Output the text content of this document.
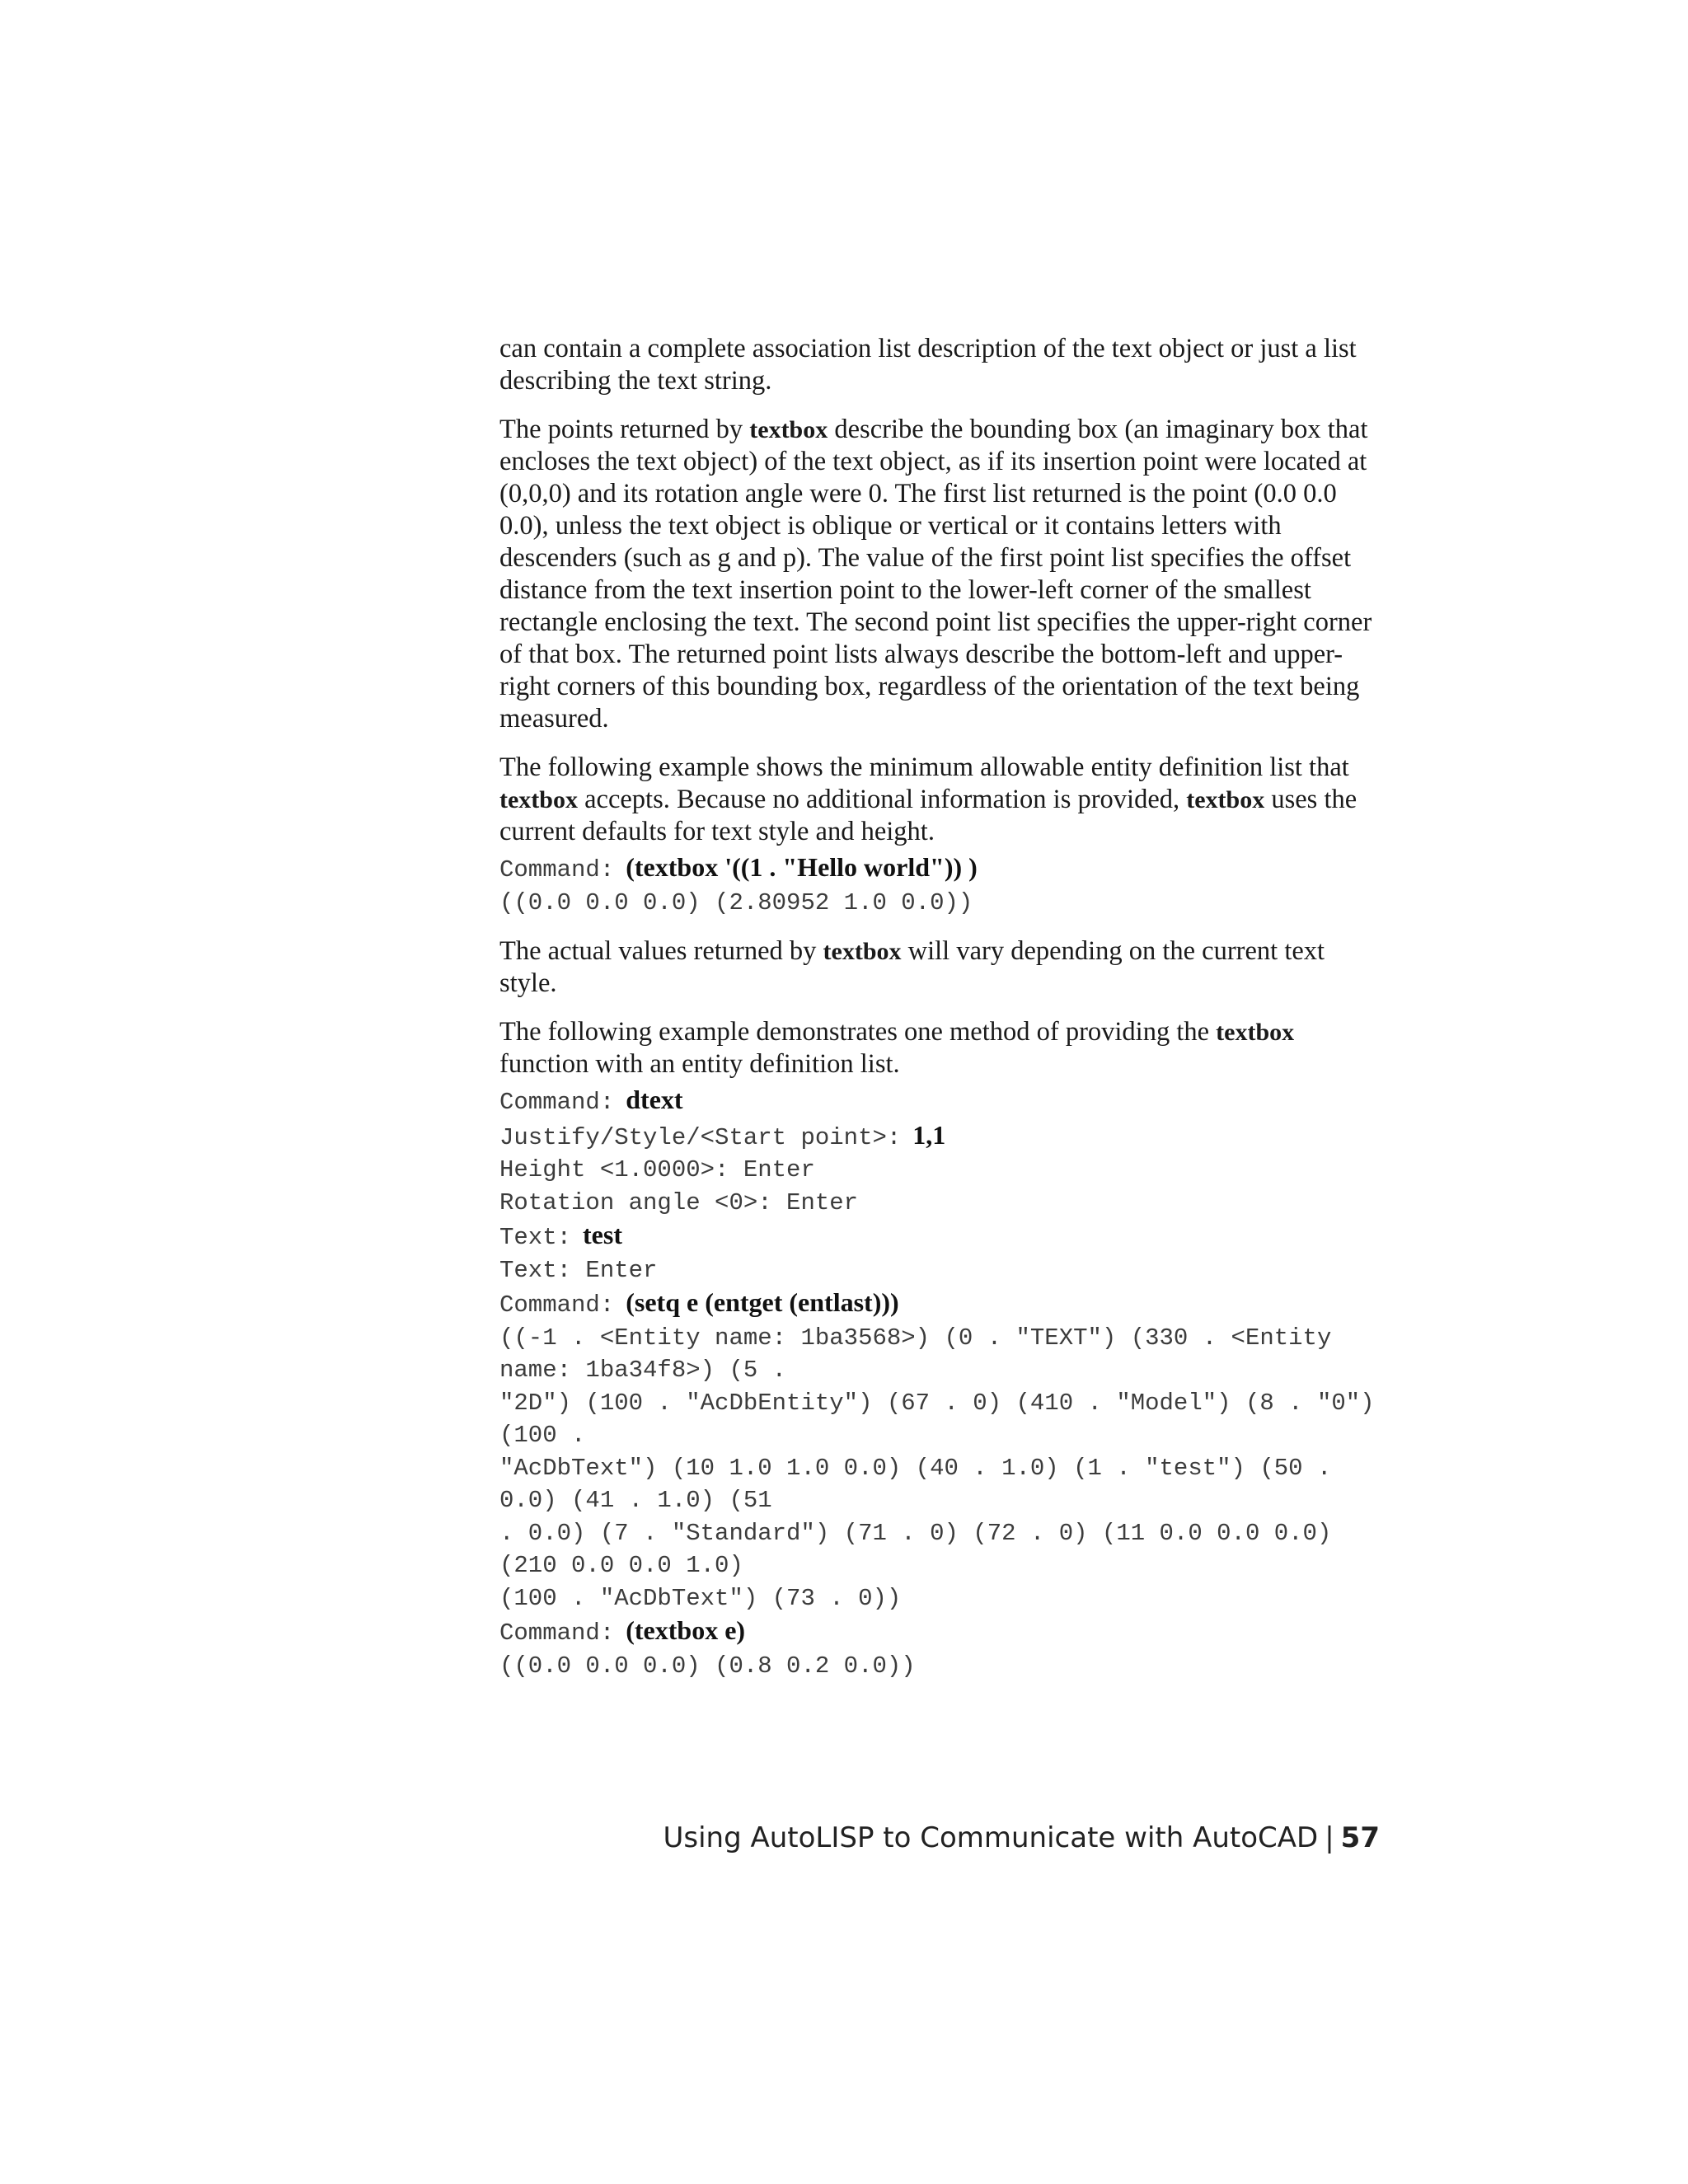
can contain a complete association list description of the text object or just a list describing the text string.

The points returned by textbox describe the bounding box (an imaginary box that encloses the text object) of the text object, as if its insertion point were located at (0,0,0) and its rotation angle were 0. The first list returned is the point (0.0 0.0 0.0), unless the text object is oblique or vertical or it contains letters with descenders (such as g and p). The value of the first point list specifies the offset distance from the text insertion point to the lower-left corner of the smallest rectangle enclosing the text. The second point list specifies the upper-right corner of that box. The returned point lists always describe the bottom-left and upper-right corners of this bounding box, regardless of the orientation of the text being measured.

The following example shows the minimum allowable entity definition list that textbox accepts. Because no additional information is provided, textbox uses the current defaults for text style and height.

Command: (textbox '((1 . "Hello world")) )
((0.0 0.0 0.0) (2.80952 1.0 0.0))

The actual values returned by textbox will vary depending on the current text style.

The following example demonstrates one method of providing the textbox function with an entity definition list.

Command: dtext
Justify/Style/<Start point>: 1,1
Height <1.0000>: Enter
Rotation angle <0>: Enter
Text: test
Text: Enter
Command: (setq e (entget (entlast)))
((-1 . <Entity name: 1ba3568>) (0 . "TEXT") (330 . <Entity
name: 1ba34f8>) (5 .
"2D") (100 . "AcDbEntity") (67 . 0) (410 . "Model") (8 . "0")
(100 .
"AcDbText") (10 1.0 1.0 0.0) (40 . 1.0) (1 . "test") (50 .
0.0) (41 . 1.0) (51
. 0.0) (7 . "Standard") (71 . 0) (72 . 0) (11 0.0 0.0 0.0)
(210 0.0 0.0 1.0)
(100 . "AcDbText") (73 . 0))
Command: (textbox e)
((0.0 0.0 0.0) (0.8 0.2 0.0))
Using AutoLISP to Communicate with AutoCAD | 57
